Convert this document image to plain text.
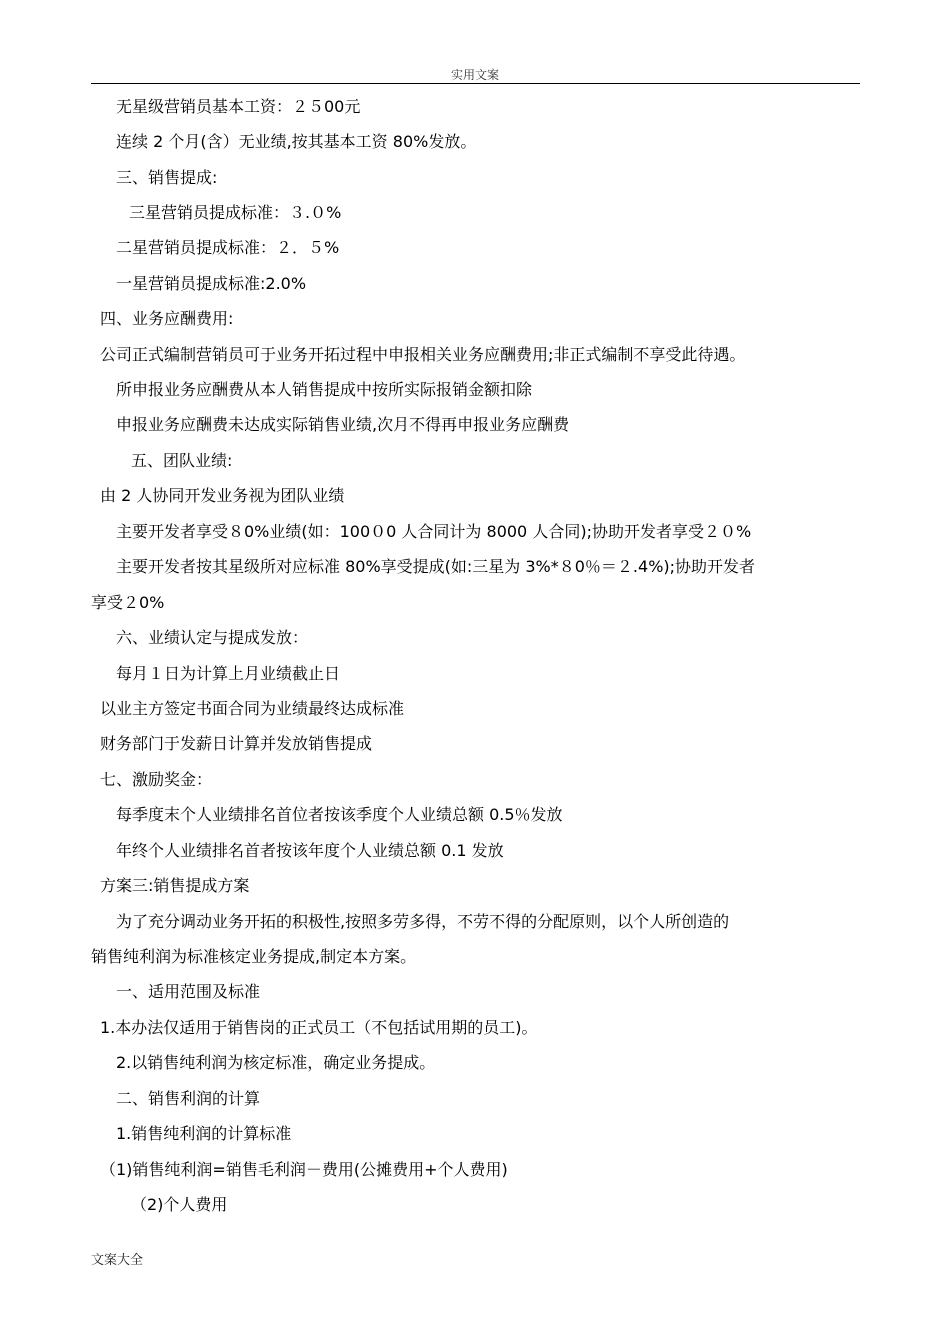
实用文案
无星级营销员基本工资：２５00元
连续 2 个月(含）无业绩,按其基本工资 80%发放。
三、销售提成:
三星营销员提成标准：３.０%
二星营销员提成标准：２．５%
一星营销员提成标准:2.0%
四、业务应酬费用:
公司正式编制营销员可于业务开拓过程中申报相关业务应酬费用;非正式编制不享受此待遇。
所申报业务应酬费从本人销售提成中按所实际报销金额扣除
申报业务应酬费未达成实际销售业绩,次月不得再申报业务应酬费
五、团队业绩:
由 2 人协同开发业务视为团队业绩
主要开发者享受８0%业绩(如：100０0 人合同计为 8000 人合同);协助开发者享受２０%
主要开发者按其星级所对应标准 80%享受提成(如:三星为 3%*８0％＝２.4%);协助开发者
享受２0%
六、业绩认定与提成发放：
每月１日为计算上月业绩截止日
以业主方签定书面合同为业绩最终达成标准
财务部门于发薪日计算并发放销售提成
七、激励奖金：
每季度末个人业绩排名首位者按该季度个人业绩总额 0.5％发放
年终个人业绩排名首者按该年度个人业绩总额 0.1 发放
方案三:销售提成方案
为了充分调动业务开拓的积极性,按照多劳多得，不劳不得的分配原则，以个人所创造的
销售纯利润为标准核定业务提成,制定本方案。
一、适用范围及标准
1.本办法仅适用于销售岗的正式员工（不包括试用期的员工)。
2.以销售纯利润为核定标准，确定业务提成。
二、销售利润的计算
1.销售纯利润的计算标准
（1)销售纯利润=销售毛利润－费用(公摊费用+个人费用)
（2)个人费用
文案大全
